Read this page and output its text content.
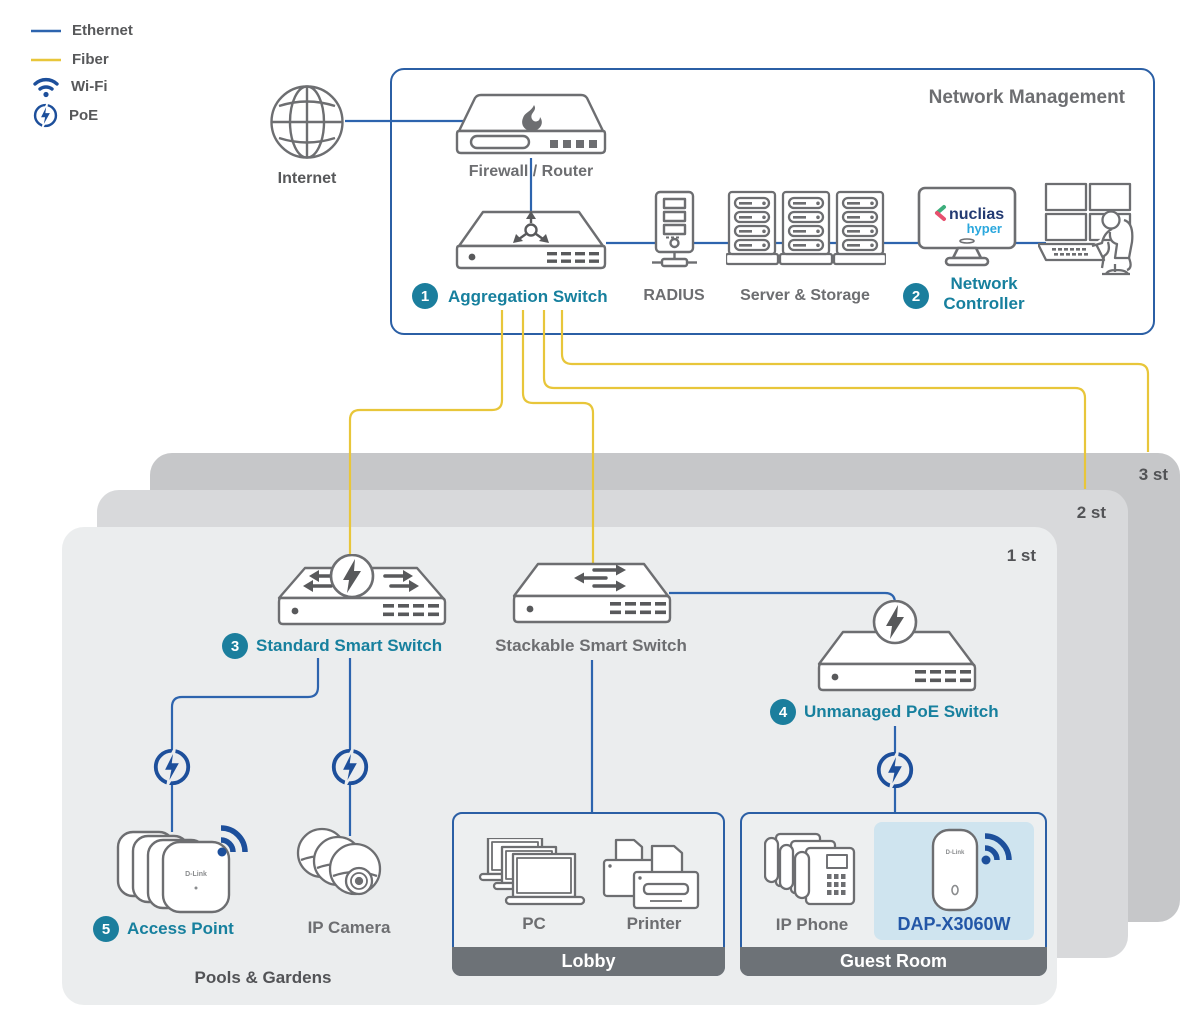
Ethernet
Fiber
Wi-Fi
PoE
3 st
2 st
1 st
Network Management
Internet	Firewall / Router
1	Aggregation Switch	RADIUS	Server & Storage
nuclias
hyper
2
Network Controller
3 Standard Smart Switch	Stackable Smart Switch
4 Unmanaged PoE Switch
D-Link
5 Access Point	IP Camera
Pools & Gardens
PC	Printer
Lobby
IP Phone
D-Link
DAP-X3060W
Guest Room
